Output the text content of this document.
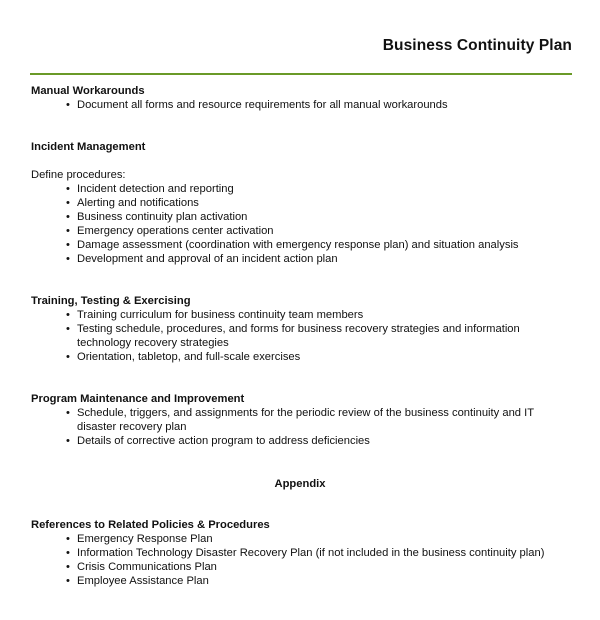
Business Continuity Plan

Manual Workarounds

• Document all forms and resource requirements for all manual workarounds

Incident Management

Define procedures:

• Incident detection and reporting
• Alerting and notifications
• Business continuity plan activation
• Emergency operations center activation
• Damage assessment (coordination with emergency response plan) and situation analysis
• Development and approval of an incident action plan

Training, Testing & Exercising

• Training curriculum for business continuity team members
• Testing schedule, procedures, and forms for business recovery strategies and information technology recovery strategies
• Orientation, tabletop, and full-scale exercises

Program Maintenance and Improvement

• Schedule, triggers, and assignments for the periodic review of the business continuity and IT disaster recovery plan
• Details of corrective action program to address deficiencies
Appendix

References to Related Policies & Procedures

• Emergency Response Plan
• Information Technology Disaster Recovery Plan (if not included in the business continuity plan)
• Crisis Communications Plan
• Employee Assistance Plan
